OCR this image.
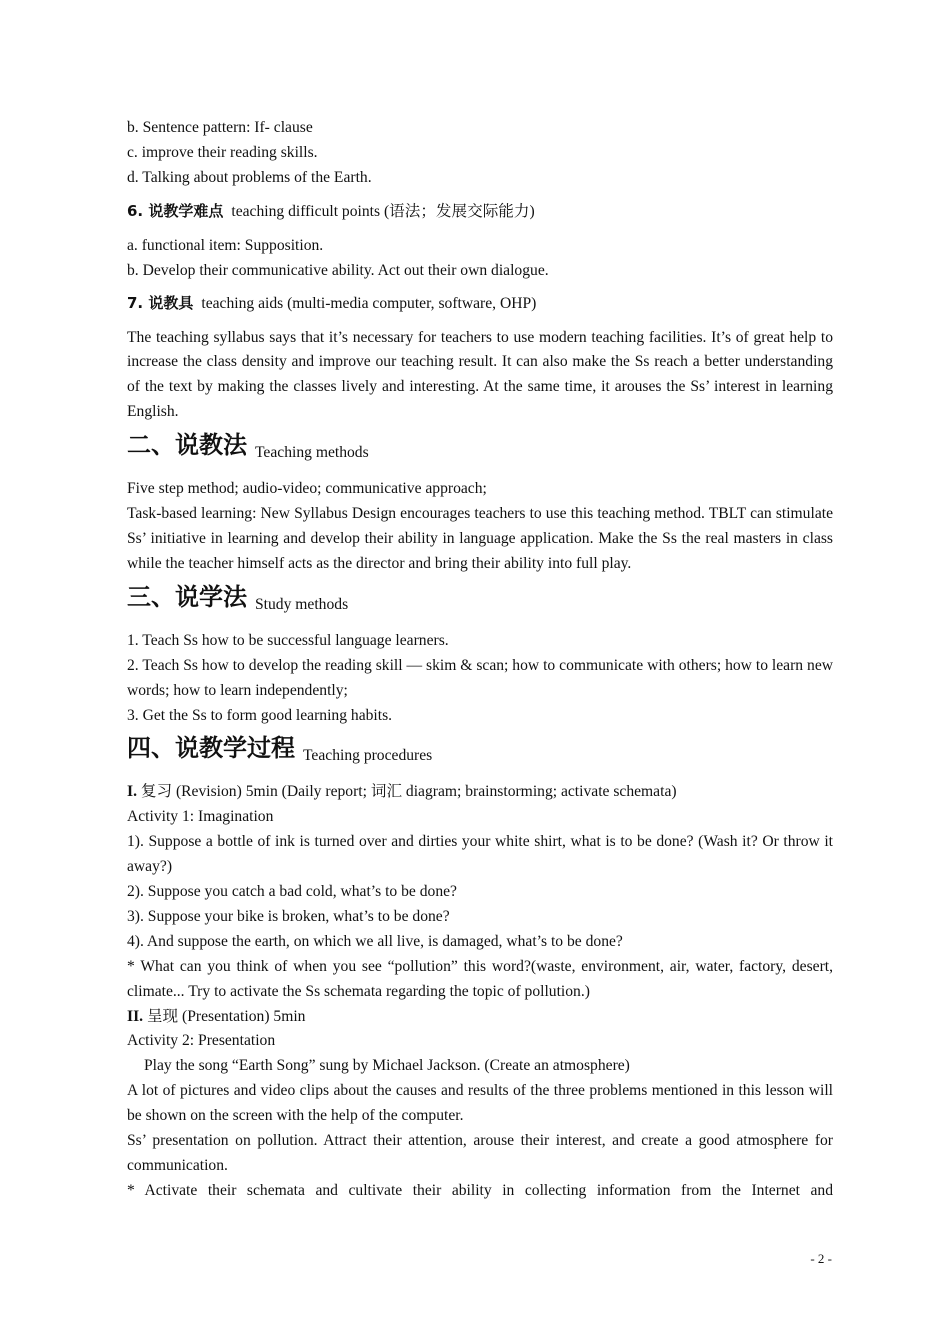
b. Sentence pattern: If- clause

c. improve their reading skills.

d. Talking about problems of the Earth.

6. 说教学难点 teaching difficult points (语法；发展交际能力)

a. functional item: Supposition.

b. Develop their communicative ability. Act out their own dialogue.

7. 说教具 teaching aids (multi-media computer, software, OHP)

The teaching syllabus says that it’s necessary for teachers to use modern teaching facilities. It’s of great help to increase the class density and improve our teaching result. It can also make the Ss reach a better understanding of the text by making the classes lively and interesting. At the same time, it arouses the Ss’ interest in learning English.

二、说教法 Teaching methods

Five step method; audio-video; communicative approach;

Task-based learning: New Syllabus Design encourages teachers to use this teaching method. TBLT can stimulate Ss’ initiative in learning and develop their ability in language application. Make the Ss the real masters in class while the teacher himself acts as the director and bring their ability into full play.

三、说学法 Study methods

1. Teach Ss how to be successful language learners.

2. Teach Ss how to develop the reading skill — skim & scan; how to communicate with others; how to learn new words; how to learn independently;

3. Get the Ss to form good learning habits.

四、说教学过程 Teaching procedures

I. 复习 (Revision) 5min (Daily report; 词汇 diagram; brainstorming; activate schemata)

Activity 1: Imagination

1). Suppose a bottle of ink is turned over and dirties your white shirt, what is to be done? (Wash it? Or throw it away?)

2). Suppose you catch a bad cold, what’s to be done?

3). Suppose your bike is broken, what’s to be done?

4). And suppose the earth, on which we all live, is damaged, what’s to be done?

* What can you think of when you see “pollution” this word?(waste, environment, air, water, factory, desert, climate... Try to activate the Ss schemata regarding the topic of pollution.)

II. 呈现 (Presentation) 5min

Activity 2: Presentation

Play the song “Earth Song” sung by Michael Jackson. (Create an atmosphere)

A lot of pictures and video clips about the causes and results of the three problems mentioned in this lesson will be shown on the screen with the help of the computer.

Ss’ presentation on pollution. Attract their attention, arouse their interest, and create a good atmosphere for communication.

* Activate their schemata and cultivate their ability in collecting information from the Internet and

- 2 -
